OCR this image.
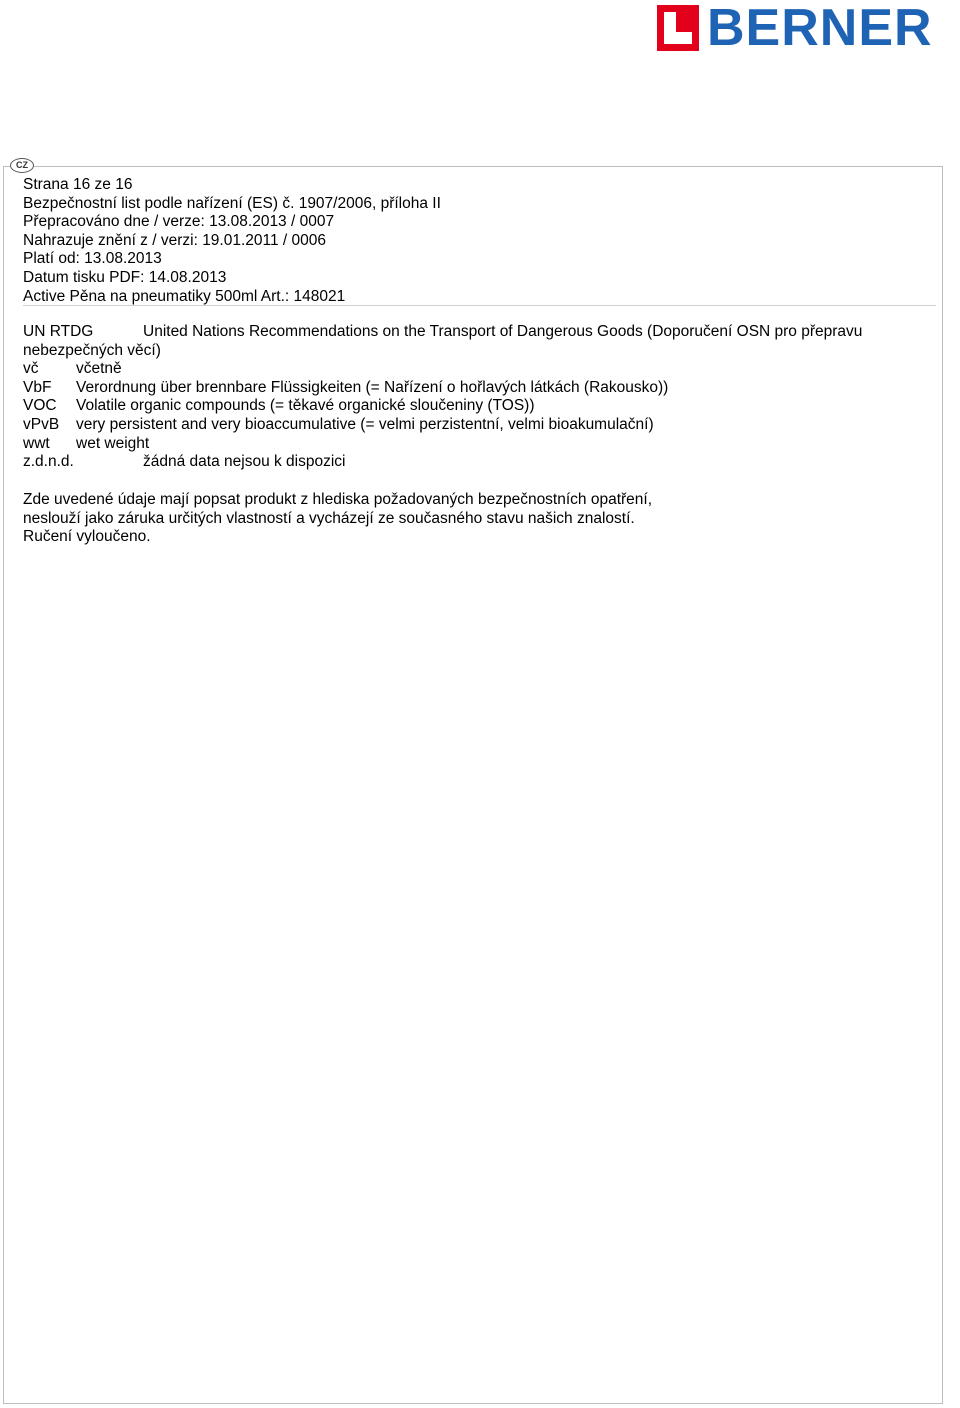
BERNER
CZ
Strana 16 ze 16
Bezpečnostní list podle nařízení (ES) č. 1907/2006, příloha II
Přepracováno dne / verze: 13.08.2013 / 0007
Nahrazuje znění z / verzi: 19.01.2011 / 0006
Platí od: 13.08.2013
Datum tisku PDF: 14.08.2013
Active Pěna na pneumatiky 500ml Art.: 148021
UN RTDG	United Nations Recommendations on the Transport of Dangerous Goods (Doporučení OSN pro přepravu
nebezpečných věcí)
vč včetně
VbF Verordnung über brennbare Flüssigkeiten (= Nařízení o hořlavých látkách (Rakousko))
VOC Volatile organic compounds (= těkavé organické sloučeniny (TOS))
vPvB very persistent and very bioaccumulative (= velmi perzistentní, velmi bioakumulační)
wwt wet weight
z.d.n.d.	žádná data nejsou k dispozici
Zde uvedené údaje mají popsat produkt z hlediska požadovaných bezpečnostních opatření,
neslouží jako záruka určitých vlastností a vycházejí ze současného stavu našich znalostí.
Ručení vyloučeno.
